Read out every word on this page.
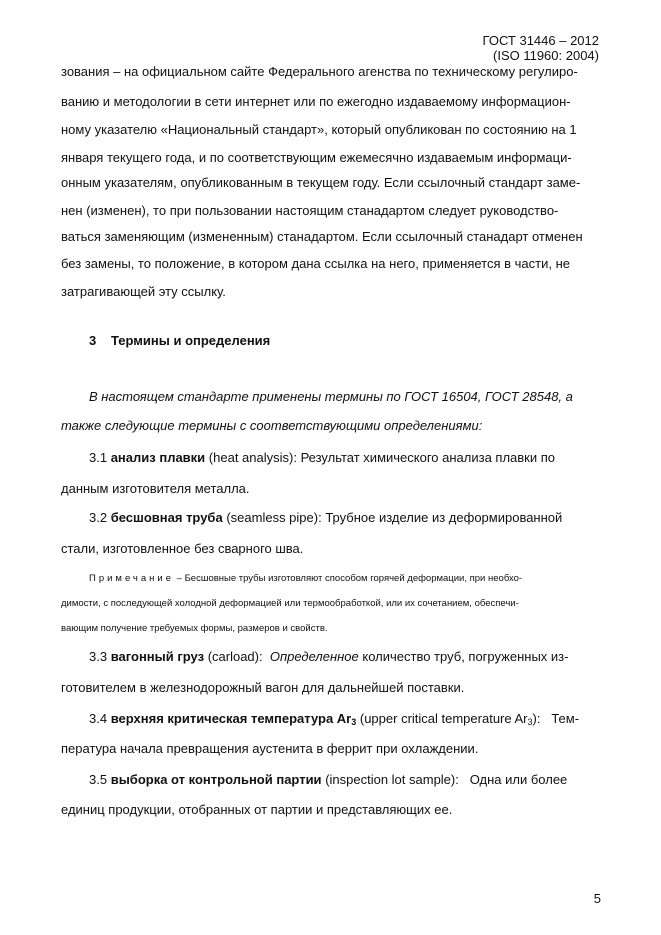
ГОСТ 31446 – 2012
(ISO 11960: 2004)
зования – на официальном сайте Федерального агенства по техническому регулиро-
ванию и методологии в сети интернет или по ежегодно издаваемому информацион-
ному указателю «Национальный стандарт», который опубликован по состоянию на 1
января текущего года, и по соответствующим ежемесячно издаваемым информаци-
онным указателям, опубликованным в текущем году. Если ссылочный стандарт заме-
нен (изменен), то при пользовании настоящим станадартом следует руководство-
ваться заменяющим (измененным) станадартом. Если ссылочный станадарт отменен
без замены, то положение, в котором дана ссылка на него, применяется в части, не
затрагивающей эту ссылку.
3 Термины и определения
В настоящем стандарте применены термины по ГОСТ 16504, ГОСТ 28548, а
также следующие термины с соответствующими определениями:
3.1 анализ плавки (heat analysis): Результат химического анализа плавки по
данным изготовителя металла.
3.2 бесшовная труба (seamless pipe): Трубное изделие из деформированной
стали, изготовленное без сварного шва.
Примечание – Бесшовные трубы изготовляют способом горячей деформации, при необхо-
димости, с последующей холодной деформацией или термообработкой, или их сочетанием, обеспечи-
вающим получение требуемых формы, размеров и свойств.
3.3 вагонный груз (carload): Определенное количество труб, погруженных из-
готовителем в железнодорожный вагон для дальнейшей поставки.
3.4 верхняя критическая температура $Ar_3$ (upper critical temperature $Ar_3$): Тем-
пература начала превращения аустенита в феррит при охлаждении.
3.5 выборка от контрольной партии (inspection lot sample): Одна или более
единиц продукции, отобранных от партии и представляющих ее.
5
